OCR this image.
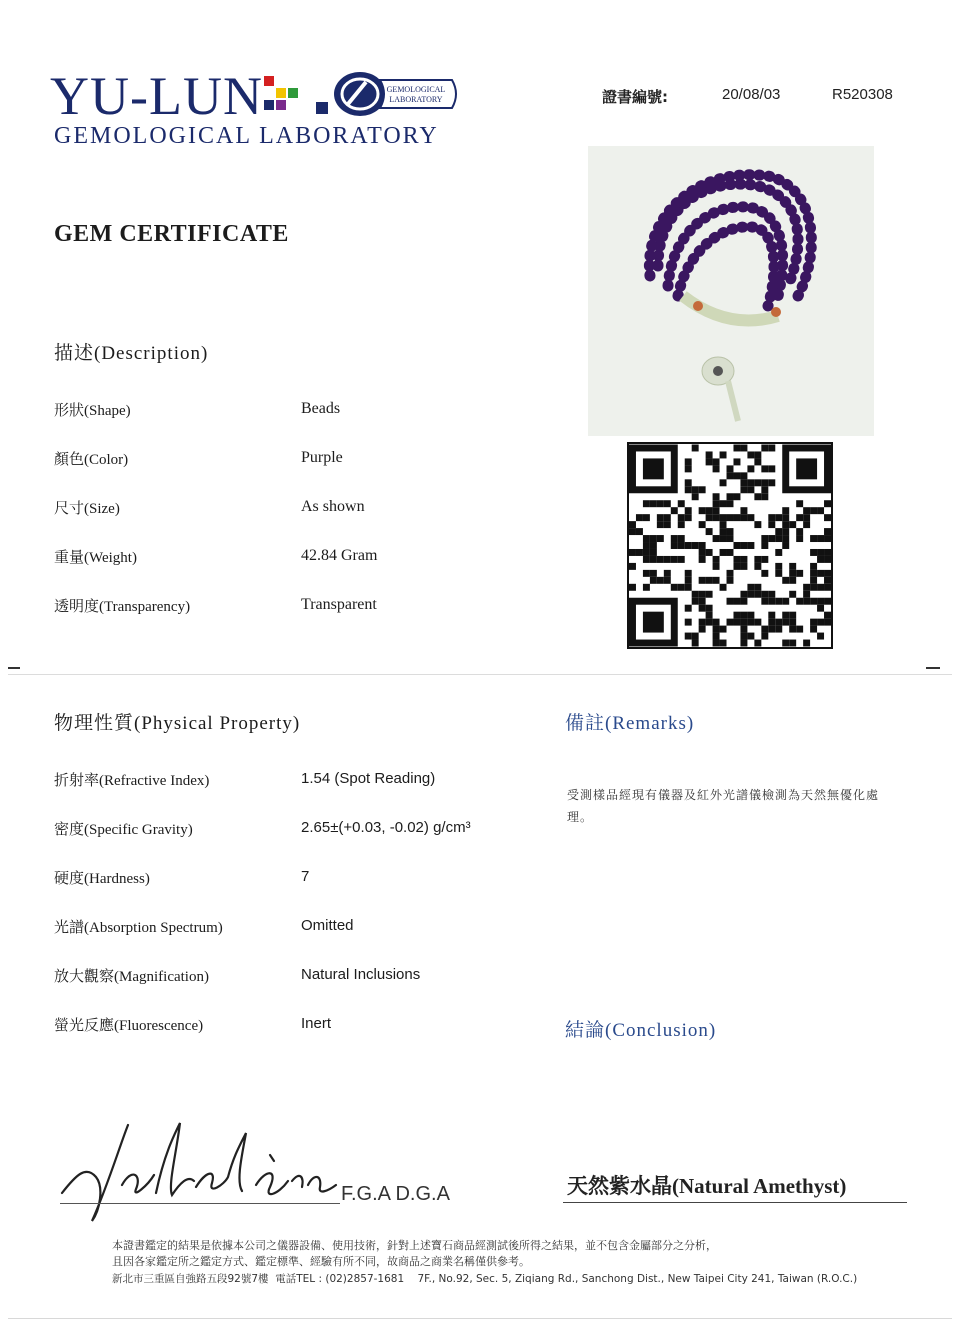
YU-LUN	GEMOLOGICAL
LABORATORY
GEMOLOGICAL LABORATORY
證書編號:	20/08/03	R520308
GEM CERTIFICATE
描述(Description)
形狀(Shape)	Beads
顏色(Color)	Purple
尺寸(Size)	As shown
重量(Weight)	42.84 Gram
透明度(Transparency)	Transparent
物理性質(Physical Property)
折射率(Refractive Index)	1.54 (Spot Reading)
密度(Specific Gravity)	2.65±(+0.03, -0.02) g/cm³
硬度(Hardness)	7
光譜(Absorption Spectrum)	Omitted
放大觀察(Magnification)	Natural Inclusions
螢光反應(Fluorescence)	Inert
備註(Remarks)
受測樣品經現有儀器及紅外光譜儀檢測為天然無優化處理。
結論(Conclusion)
天然紫水晶(Natural Amethyst)
F.G.A D.G.A
本證書鑑定的結果是依據本公司之儀器設備、使用技術，針對上述寶石商品經測試後所得之結果，並不包含金屬部分之分析，
且因各家鑑定所之鑑定方式、鑑定標準、經驗有所不同，故商品之商業名稱僅供參考。
新北市三重區自強路五段92號7樓 電話TEL : (02)2857-1681 7F., No.92, Sec. 5, Ziqiang Rd., Sanchong Dist., New Taipei City 241, Taiwan (R.O.C.)
